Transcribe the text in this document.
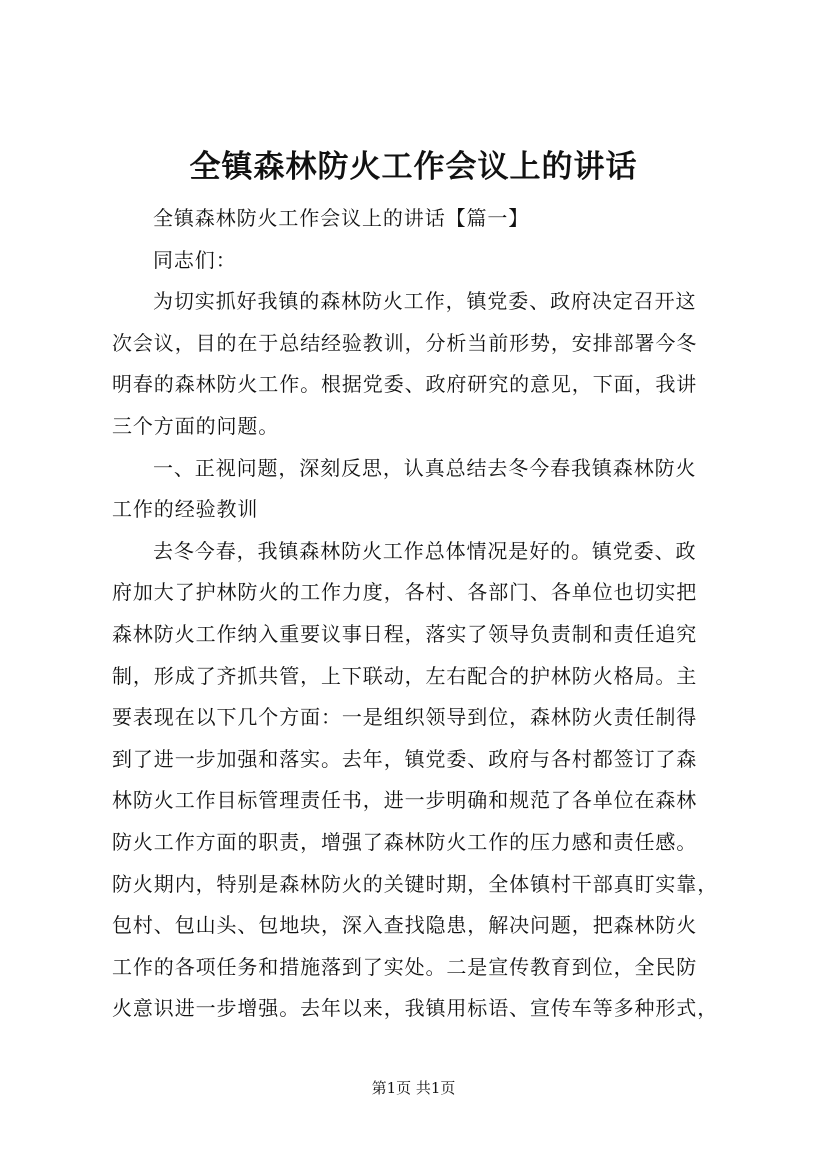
全镇森林防火工作会议上的讲话
全镇森林防火工作会议上的讲话【篇一】
同志们：
为切实抓好我镇的森林防火工作，镇党委、政府决定召开这
次会议，目的在于总结经验教训，分析当前形势，安排部署今冬
明春的森林防火工作。根据党委、政府研究的意见，下面，我讲
三个方面的问题。
一、正视问题，深刻反思，认真总结去冬今春我镇森林防火
工作的经验教训
去冬今春，我镇森林防火工作总体情况是好的。镇党委、政
府加大了护林防火的工作力度，各村、各部门、各单位也切实把
森林防火工作纳入重要议事日程，落实了领导负责制和责任追究
制，形成了齐抓共管，上下联动，左右配合的护林防火格局。主
要表现在以下几个方面：一是组织领导到位，森林防火责任制得
到了进一步加强和落实。去年，镇党委、政府与各村都签订了森
林防火工作目标管理责任书，进一步明确和规范了各单位在森林
防火工作方面的职责，增强了森林防火工作的压力感和责任感。
防火期内，特别是森林防火的关键时期，全体镇村干部真盯实靠，
包村、包山头、包地块，深入查找隐患，解决问题，把森林防火
工作的各项任务和措施落到了实处。二是宣传教育到位，全民防
火意识进一步增强。去年以来，我镇用标语、宣传车等多种形式，
第1页 共1页
